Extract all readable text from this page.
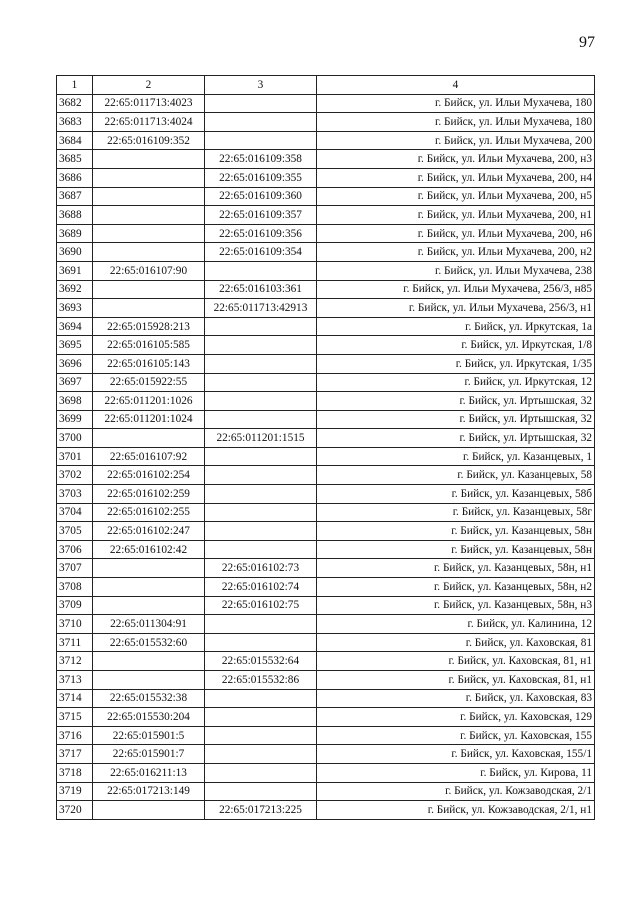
97
1	2	3	4
3682	22:65:011713:4023		г. Бийск, ул. Ильи Мухачева, 180
3683	22:65:011713:4024		г. Бийск, ул. Ильи Мухачева, 180
3684	22:65:016109:352		г. Бийск, ул. Ильи Мухачева, 200
3685		22:65:016109:358	г. Бийск, ул. Ильи Мухачева, 200, н3
3686		22:65:016109:355	г. Бийск, ул. Ильи Мухачева, 200, н4
3687		22:65:016109:360	г. Бийск, ул. Ильи Мухачева, 200, н5
3688		22:65:016109:357	г. Бийск, ул. Ильи Мухачева, 200, н1
3689		22:65:016109:356	г. Бийск, ул. Ильи Мухачева, 200, н6
3690		22:65:016109:354	г. Бийск, ул. Ильи Мухачева, 200, н2
3691	22:65:016107:90		г. Бийск, ул. Ильи Мухачева, 238
3692		22:65:016103:361	г. Бийск, ул. Ильи Мухачева, 256/3, н85
3693		22:65:011713:42913	г. Бийск, ул. Ильи Мухачева, 256/3, н1
3694	22:65:015928:213		г. Бийск, ул. Иркутская, 1а
3695	22:65:016105:585		г. Бийск, ул. Иркутская, 1/8
3696	22:65:016105:143		г. Бийск, ул. Иркутская, 1/35
3697	22:65:015922:55		г. Бийск, ул. Иркутская, 12
3698	22:65:011201:1026		г. Бийск, ул. Иртышская, 32
3699	22:65:011201:1024		г. Бийск, ул. Иртышская, 32
3700		22:65:011201:1515	г. Бийск, ул. Иртышская, 32
3701	22:65:016107:92		г. Бийск, ул. Казанцевых, 1
3702	22:65:016102:254		г. Бийск, ул. Казанцевых, 58
3703	22:65:016102:259		г. Бийск, ул. Казанцевых, 58б
3704	22:65:016102:255		г. Бийск, ул. Казанцевых, 58г
3705	22:65:016102:247		г. Бийск, ул. Казанцевых, 58н
3706	22:65:016102:42		г. Бийск, ул. Казанцевых, 58н
3707		22:65:016102:73	г. Бийск, ул. Казанцевых, 58н, н1
3708		22:65:016102:74	г. Бийск, ул. Казанцевых, 58н, н2
3709		22:65:016102:75	г. Бийск, ул. Казанцевых, 58н, н3
3710	22:65:011304:91		г. Бийск, ул. Калинина, 12
3711	22:65:015532:60		г. Бийск, ул. Каховская, 81
3712		22:65:015532:64	г. Бийск, ул. Каховская, 81, н1
3713		22:65:015532:86	г. Бийск, ул. Каховская, 81, н1
3714	22:65:015532:38		г. Бийск, ул. Каховская, 83
3715	22:65:015530:204		г. Бийск, ул. Каховская, 129
3716	22:65:015901:5		г. Бийск, ул. Каховская, 155
3717	22:65:015901:7		г. Бийск, ул. Каховская, 155/1
3718	22:65:016211:13		г. Бийск, ул. Кирова, 11
3719	22:65:017213:149		г. Бийск, ул. Кожзаводская, 2/1
3720		22:65:017213:225	г. Бийск, ул. Кожзаводская, 2/1, н1
